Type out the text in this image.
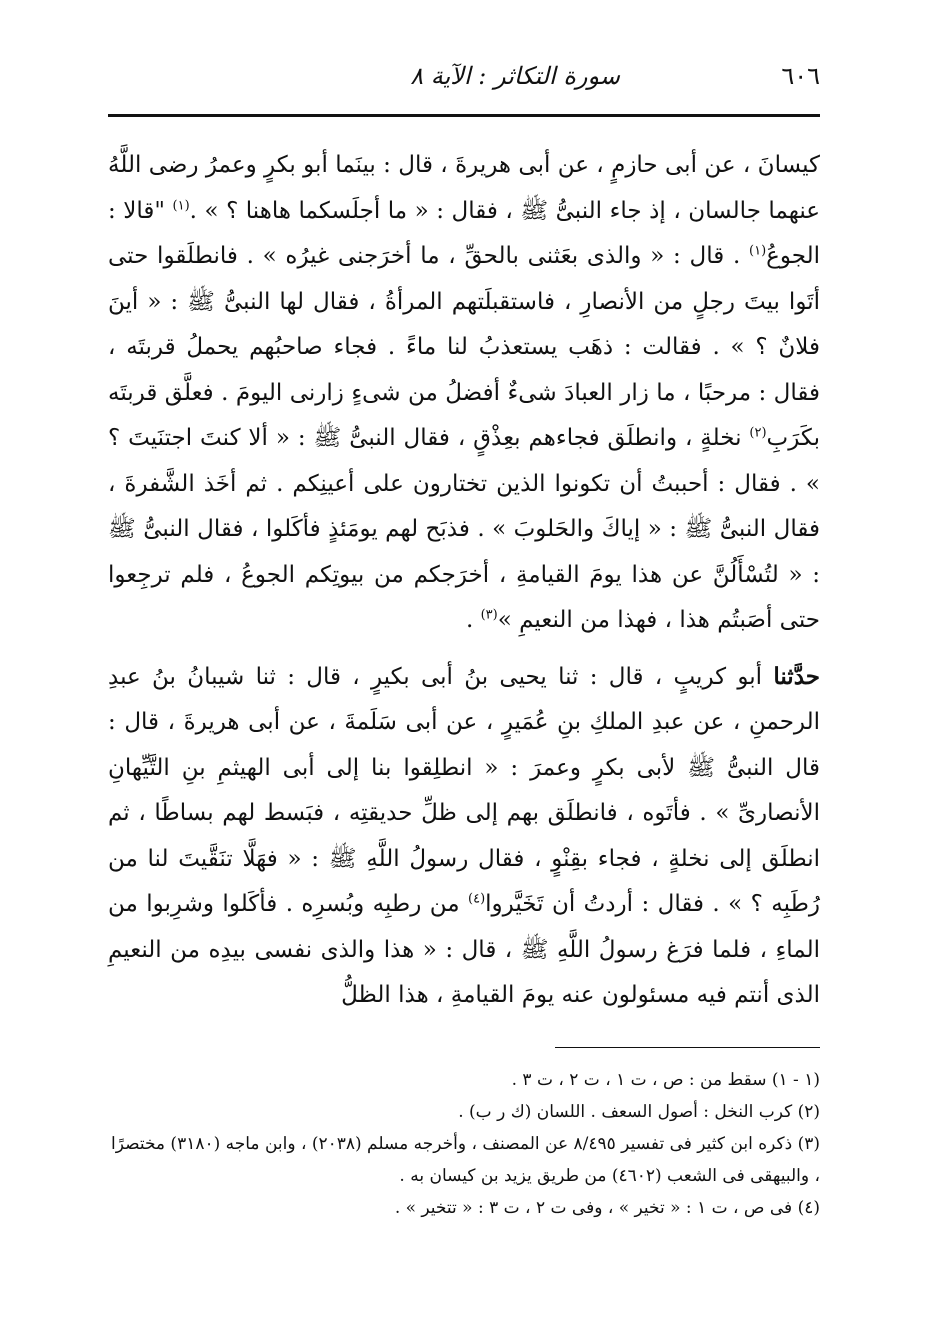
٦٠٦
سورة التكاثر : الآية ٨

كيسانَ ، عن أبى حازمٍ ، عن أبى هريرةَ ، قال : بينَما أبو بكرٍ وعمرُ رضى اللَّهُ عنهما جالسان ، إذ جاء النبىُّ ﷺ ، فقال : « ما أجلَسكما هاهنا ؟ » .$^{(١)}$ "قالا : الجوعُ$^{(١)}$ . قال : « والذى بعَثنى بالحقِّ ، ما أخرَجنى غيرُه » . فانطلَقوا حتى أتَوا بيتَ رجلٍ من الأنصارِ ، فاستقبلَتهم المرأةُ ، فقال لها النبىُّ ﷺ : « أينَ فلانٌ ؟ » . فقالت : ذهَب يستعذبُ لنا ماءً . فجاء صاحبُهم يحملُ قربتَه ، فقال : مرحبًا ، ما زار العبادَ شىءٌ أفضلُ من شىءٍ زارنى اليومَ . فعلَّق قربتَه بكَرَبِ$^{(٢)}$ نخلةٍ ، وانطلَق فجاءهم بعِذْقٍ ، فقال النبىُّ ﷺ : « ألا كنتَ اجتنَيتَ ؟ » . فقال : أحببتُ أن تكونوا الذين تختارون على أعينِكم . ثم أخَذ الشَّفرةَ ، فقال النبىُّ ﷺ : « إياكَ والحَلوبَ » . فذبَح لهم يومَئذٍ فأكَلوا ، فقال النبىُّ ﷺ : « لتُسْأَلُنَّ عن هذا يومَ القيامةِ ، أخرَجكم من بيوتِكم الجوعُ ، فلم ترجِعوا حتى أصَبتُم هذا ، فهذا من النعيمِ »$^{(٣)}$ .

حدَّثنا أبو كريبٍ ، قال : ثنا يحيى بنُ أبى بكيرٍ ، قال : ثنا شيبانُ بنُ عبدِ الرحمنِ ، عن عبدِ الملكِ بنِ عُمَيرٍ ، عن أبى سَلَمةَ ، عن أبى هريرةَ ، قال : قال النبىُّ ﷺ لأبى بكرٍ وعمرَ : « انطلِقوا بنا إلى أبى الهيثمِ بنِ التَّيِّهانِ الأنصارىِّ » . فأتَوه ، فانطلَق بهم إلى ظلِّ حديقتِه ، فبَسط لهم بساطًا ، ثم انطلَق إلى نخلةٍ ، فجاء بقِنْوٍ ، فقال رسولُ اللَّهِ ﷺ : « فهَلَّا تنَقَّيتَ لنا من رُطَبِه ؟ » . فقال : أردتُ أن تَخَيَّروا$^{(٤)}$ من رطبِه وبُسرِه . فأكَلوا وشرِبوا من الماءِ ، فلما فرَغ رسولُ اللَّهِ ﷺ ، قال : « هذا والذى نفسى بيدِه من النعيمِ الذى أنتم فيه مسئولون عنه يومَ القيامةِ ، هذا الظلُّ

(١ - ١) سقط من : ص ، ت ١ ، ت ٢ ، ت ٣ .

(٢) كرب النخل : أصول السعف . اللسان (ك ر ب) .

(٣) ذكره ابن كثير فى تفسير ٨/٤٩٥ عن المصنف ، وأخرجه مسلم (٢٠٣٨) ، وابن ماجه (٣١٨٠) مختصرًا ، والبيهقى فى الشعب (٤٦٠٢) من طريق يزيد بن كيسان به .

(٤) فى ص ، ت ١ : « تخير » ، وفى ت ٢ ، ت ٣ : « تتخير » .
